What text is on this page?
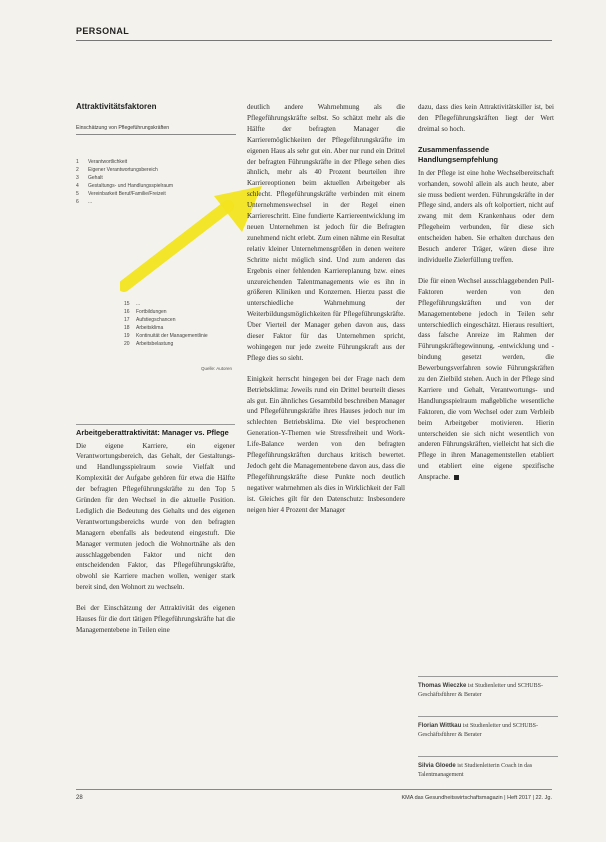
PERSONAL
Attraktivitätsfaktoren
Einschätzung von Pflegeführungskräften
1 Verantwortlichkeit
2 Eigener Verantwortungsbereich
3 Gehalt
4 Gestaltungs- und Handlungsspielraum
5 Vereinbarkeit Beruf/Familie/Freizeit
6 ...
15 ...
16 Fortbildungen
17 Aufstiegschancen
18 Arbeitsklima
19 Kontinuität der Managementlinie
20 Arbeitsbelastung
Quelle: Autoren
Arbeitgeberattraktivität: Manager vs. Pflege

Die eigene Karriere, ein eigener Verantwortungsbereich, das Gehalt, der Gestaltungs- und Handlungsspielraum sowie Vielfalt und Komplexität der Aufgabe gehören für etwa die Hälfte der befragten Pflegeführungskräfte zu den Top 5 Gründen für den Wechsel in die aktuelle Position. Lediglich die Bedeutung des Gehalts und des eigenen Verantwortungsbereichs wurde von den befragten Managern ebenfalls als bedeutend eingestuft. Die Manager vermuten jedoch die Wohnortnähe als den ausschlaggebenden Faktor und nicht den entscheidenden Faktor, das Pflegeführungskräfte, obwohl sie Karriere machen wollen, weniger stark bereit sind, den Wohnort zu wechseln.

Bei der Einschätzung der Attraktivität des eigenen Hauses für die dort tätigen Pflegeführungskräfte hat die Managementebene in Teilen eine

deutlich andere Wahrnehmung als die Pflegeführungskräfte selbst. So schätzt mehr als die Hälfte der befragten Manager die Karrieremöglichkeiten der Pflegeführungskräfte im eigenen Haus als sehr gut ein. Aber nur rund ein Drittel der befragten Führungskräfte in der Pflege sehen dies ähnlich, mehr als 40 Prozent beurteilen ihre Karriereoptionen beim aktuellen Arbeitgeber als schlecht. Pflegeführungskräfte verbinden mit einem Unternehmenswechsel in der Regel einen Karriereschritt. Eine fundierte Karriereentwicklung im neuen Unternehmen ist jedoch für die Befragten zunehmend nicht erlebt. Zum einen nähme ein Resultat relativ kleiner Unternehmensgrößen in denen weitere Schritte nicht möglich sind. Und zum anderen das Ergebnis einer fehlenden Karriereplanung bzw. eines unzureichenden Talentmanagements wie es ihn in größeren Kliniken und Konzernen. Hierzu passt die unterschiedliche Wahrnehmung der Weiterbildungsmöglichkeiten für Pflegeführungskräfte. Über Vierteil der Manager gehen davon aus, dass dieser Faktor für das Unternehmen spricht, wohingegen nur jede zweite Führungskraft aus der Pflege dies so sieht.

Einigkeit herrscht hingegen bei der Frage nach dem Betriebsklima: Jeweils rund ein Drittel beurteilt dieses als gut. Ein ähnliches Gesamtbild beschreiben Manager und Pflegeführungskräfte ihres Hauses jedoch nur im schlechten Betriebsklima. Die viel besprochenen Generation-Y-Themen wie Stressfreiheit und Work-Life-Balance werden von den befragten Pflegeführungskräften durchaus kritisch bewertet. Jedoch geht die Managementebene davon aus, dass die Pflegeführungskräfte diese Punkte noch deutlich negativer wahrnehmen als dies in Wirklichkeit der Fall ist. Gleiches gilt für den Datenschutz: Insbesondere neigen hier 4 Prozent der Manager

dazu, dass dies kein Attraktivitätskiller ist, bei den Pflegeführungskräften liegt der Wert dreimal so hoch.

Zusammenfassende Handlungsempfehlung

In der Pflege ist eine hohe Wechselbereitschaft vorhanden, sowohl allein als auch heute, aber sie muss bedient werden. Führungskräfte in der Pflege sind, anders als oft kolportiert, nicht auf zwang mit dem Krankenhaus oder dem Pflegeheim verbunden, für diese sich entscheiden haben. Sie erhalten durchaus den Besuch anderer Träger, wären diese ihre individuelle Zielerfüllung treffen.

Die für einen Wechsel ausschlaggebenden Pull-Faktoren werden von den Pflegeführungskräften und von der Managementebene jedoch in Teilen sehr unterschiedlich eingeschätzt. Hieraus resultiert, dass falsche Anreize im Rahmen der Führungskräftegewinnung, -entwicklung und -bindung gesetzt werden, die Bewerbungsverfahren sowie Führungskräften zu den Zielbild stehen. Auch in der Pflege sind Karriere und Gehalt, Verantwortungs- und Handlungsspielraum maßgebliche wesentliche Faktoren, die vom Wechsel oder zum Verbleib beim Arbeitgeber motivieren. Hierin unterscheiden sie sich nicht wesentlich von anderen Führungskräften, vielleicht hat sich die Pflege in ihren Managementstellen etabliert und etabliert eine eigene spezifische Ansprache.

Thomas Wieczke ist Studienleiter und SCHUBS-Geschäftsführer & Berater
Florian Wittkau ist Studienleiter und SCHUBS-Geschäftsführer & Berater
Silvia Gloede ist Studienleiterin Coach in das Talentmanagement
28	KMA das Gesundheitswirtschaftsmagazin | Heft 2017 | 22. Jg.
